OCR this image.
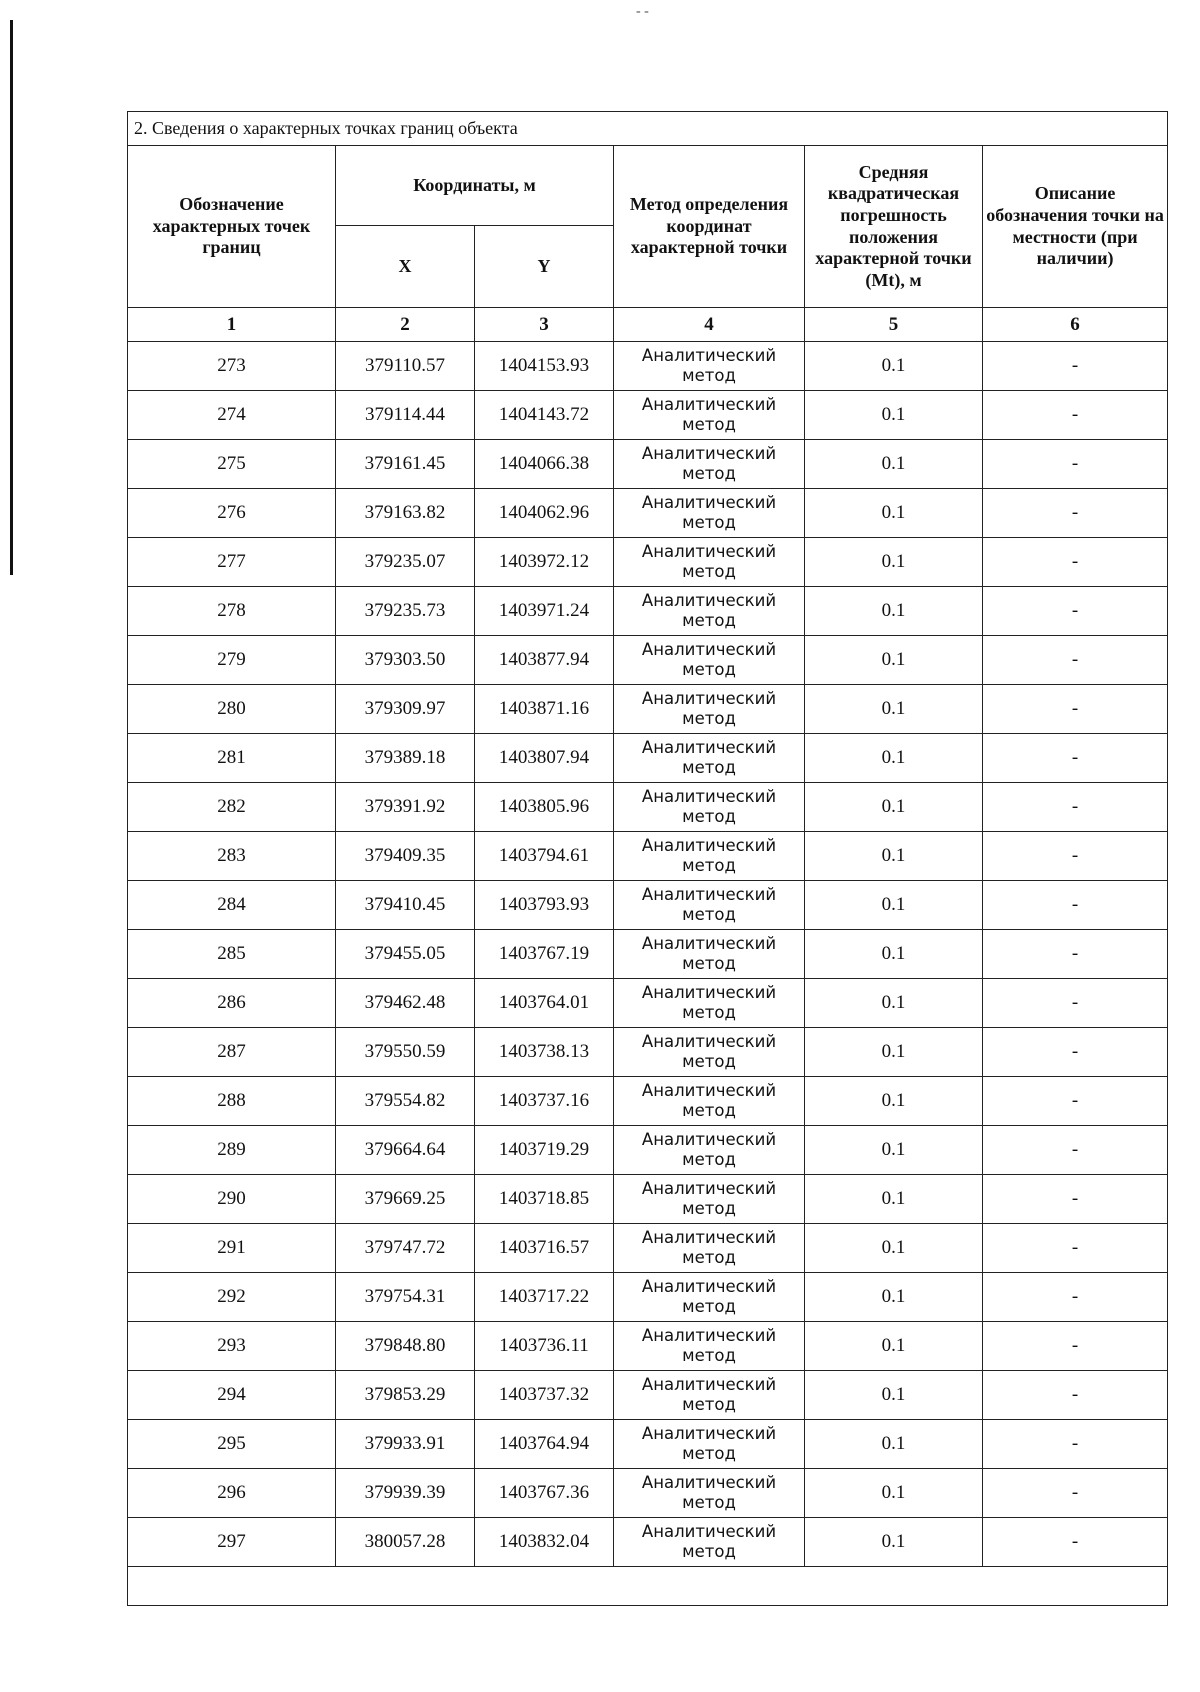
- -
2. Сведения о характерных точках границ объекта					
Обозначение характерных точек границ	Координаты, м		Метод определения координат характерной точки	Средняя квадратическая погрешность положения характерной точки (Mt), м	Описание обозначения точки на местности (при наличии)
	X	Y			
1	2	3	4	5	6
273	379110.57	1404153.93	Аналитический метод	0.1	-
274	379114.44	1404143.72	Аналитический метод	0.1	-
275	379161.45	1404066.38	Аналитический метод	0.1	-
276	379163.82	1404062.96	Аналитический метод	0.1	-
277	379235.07	1403972.12	Аналитический метод	0.1	-
278	379235.73	1403971.24	Аналитический метод	0.1	-
279	379303.50	1403877.94	Аналитический метод	0.1	-
280	379309.97	1403871.16	Аналитический метод	0.1	-
281	379389.18	1403807.94	Аналитический метод	0.1	-
282	379391.92	1403805.96	Аналитический метод	0.1	-
283	379409.35	1403794.61	Аналитический метод	0.1	-
284	379410.45	1403793.93	Аналитический метод	0.1	-
285	379455.05	1403767.19	Аналитический метод	0.1	-
286	379462.48	1403764.01	Аналитический метод	0.1	-
287	379550.59	1403738.13	Аналитический метод	0.1	-
288	379554.82	1403737.16	Аналитический метод	0.1	-
289	379664.64	1403719.29	Аналитический метод	0.1	-
290	379669.25	1403718.85	Аналитический метод	0.1	-
291	379747.72	1403716.57	Аналитический метод	0.1	-
292	379754.31	1403717.22	Аналитический метод	0.1	-
293	379848.80	1403736.11	Аналитический метод	0.1	-
294	379853.29	1403737.32	Аналитический метод	0.1	-
295	379933.91	1403764.94	Аналитический метод	0.1	-
296	379939.39	1403767.36	Аналитический метод	0.1	-
297	380057.28	1403832.04	Аналитический метод	0.1	-
